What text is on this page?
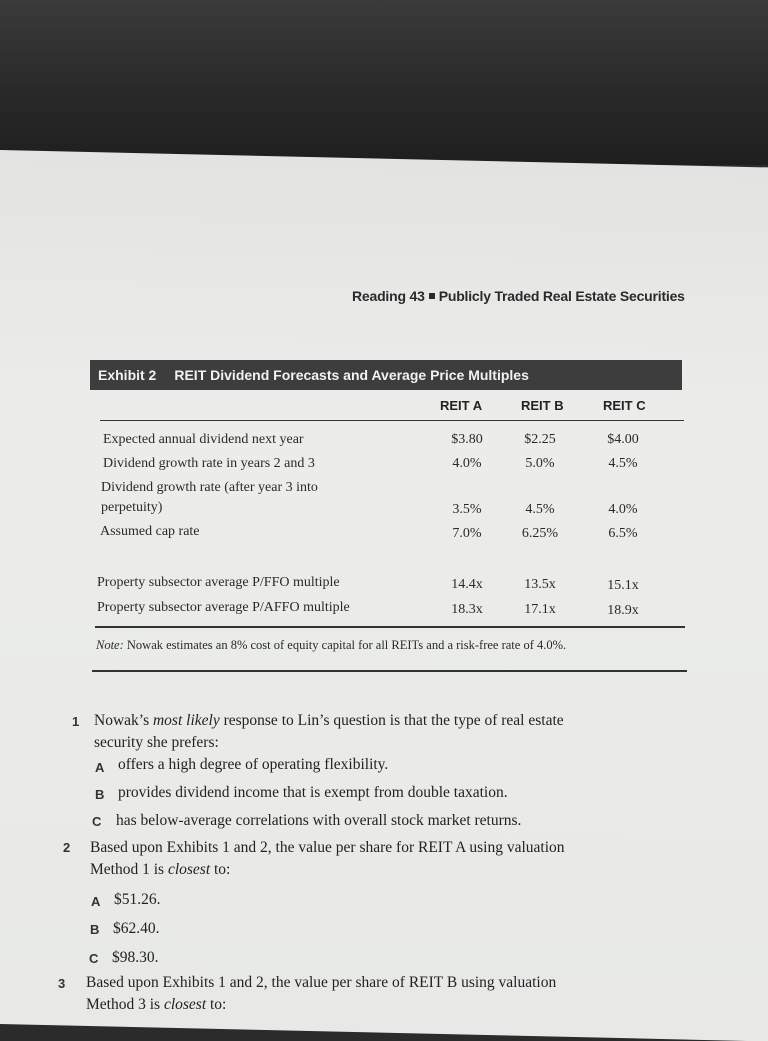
Reading 43 Publicly Traded Real Estate Securities
Exhibit 2 REIT Dividend Forecasts and Average Price Multiples
REIT A	REIT B	REIT C
Expected annual dividend next year	$3.80	$2.25	$4.00
Dividend growth rate in years 2 and 3	4.0%	5.0%	4.5%
Dividend growth rate (after year 3 into
perpetuity)	3.5%	4.5%	4.0%
Assumed cap rate	7.0%	6.25%	6.5%
Property subsector average P/FFO multiple	14.4x	13.5x	15.1x
Property subsector average P/AFFO multiple	18.3x	17.1x	18.9x
Note: Nowak estimates an 8% cost of equity capital for all REITs and a risk-free rate of 4.0%.
1 Nowak’s most likely response to Lin’s question is that the type of real estate
security she prefers:
A offers a high degree of operating flexibility.
B provides dividend income that is exempt from double taxation.
C has below-average correlations with overall stock market returns.
2 Based upon Exhibits 1 and 2, the value per share for REIT A using valuation
Method 1 is closest to:
A $51.26.
B $62.40.
C $98.30.
3 Based upon Exhibits 1 and 2, the value per share of REIT B using valuation
Method 3 is closest to:
